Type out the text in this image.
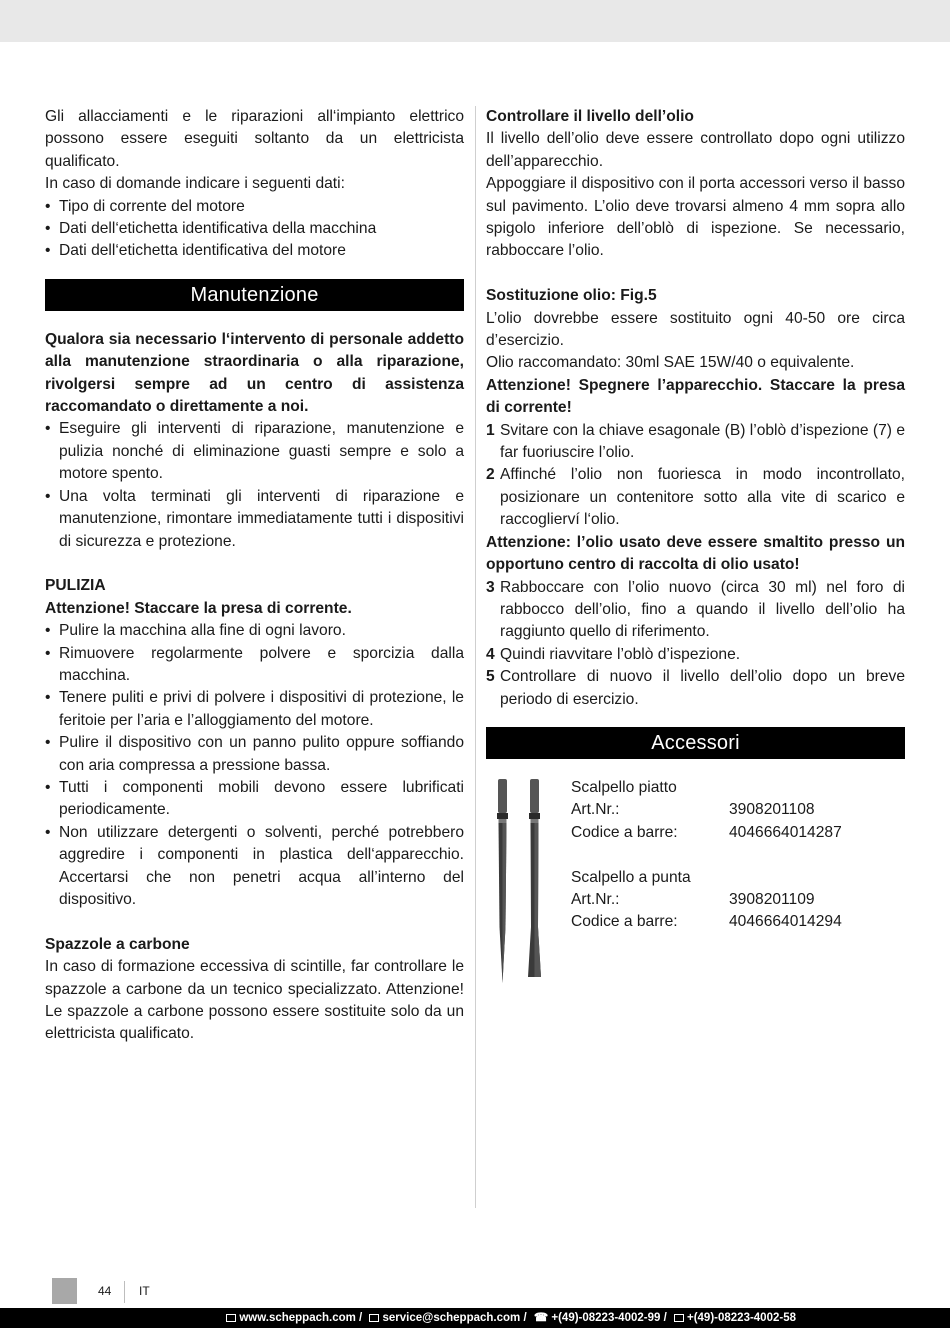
Gli allacciamenti e le riparazioni all‘impianto elettrico possono essere eseguiti soltanto da un elettricista qualificato.

In caso di domande indicare i seguenti dati:

• Tipo di corrente del motore
• Dati dell‘etichetta identificativa della macchina
• Dati dell‘etichetta identificativa del motore
Manutenzione

Qualora sia necessario l‘intervento di personale addetto alla manutenzione straordinaria o alla riparazione, rivolgersi sempre ad un centro di assistenza raccomandato o direttamente a noi.

• Eseguire gli interventi di riparazione, manutenzione e pulizia nonché di eliminazione guasti sempre e solo a motore spento.
• Una volta terminati gli interventi di riparazione e manutenzione, rimontare immediatamente tutti i dispositivi di sicurezza e protezione.

PULIZIA

Attenzione! Staccare la presa di corrente.

• Pulire la macchina alla fine di ogni lavoro.
• Rimuovere regolarmente polvere e sporcizia dalla macchina.
• Tenere puliti e privi di polvere i dispositivi di protezione, le feritoie per l’aria e l’alloggiamento del motore.
• Pulire il dispositivo con un panno pulito oppure soffiando con aria compressa a pressione bassa.
• Tutti i componenti mobili devono essere lubrificati periodicamente.
• Non utilizzare detergenti o solventi, perché potrebbero aggredire i componenti in plastica dell‘apparecchio. Accertarsi che non penetri acqua all’interno del dispositivo.

Spazzole a carbone

In caso di formazione eccessiva di scintille, far controllare le spazzole a carbone da un tecnico specializzato. Attenzione! Le spazzole a carbone possono essere sostituite solo da un elettricista qualificato.

Controllare il livello dell’olio

Il livello dell’olio deve essere controllato dopo ogni utilizzo dell’apparecchio.

Appoggiare il dispositivo con il porta accessori verso il basso sul pavimento. L’olio deve trovarsi almeno 4 mm sopra allo spigolo inferiore dell’oblò di ispezione. Se necessario, rabboccare l’olio.

Sostituzione olio: Fig.5

L’olio dovrebbe essere sostituito ogni 40-50 ore circa d’esercizio.

Olio raccomandato: 30ml SAE 15W/40 o equivalente.

Attenzione! Spegnere l’apparecchio. Staccare la presa di corrente!

1 Svitare con la chiave esagonale (B) l’oblò d’ispezione (7) e far fuoriuscire l’olio.
2 Affinché l’olio non fuoriesca in modo incontrollato, posizionare un contenitore sotto alla vite di scarico e raccoglierví l‘olio.

Attenzione: l’olio usato deve essere smaltito presso un opportuno centro di raccolta di olio usato!

3 Rabboccare con l’olio nuovo (circa 30 ml) nel foro di rabbocco dell’olio, fino a quando il livello dell’olio ha raggiunto quello di riferimento.
4 Quindi riavvitare l’oblò d’ispezione.
5 Controllare di nuovo il livello dell’olio dopo un breve periodo di esercizio.
Accessori
Scalpello piatto
Art.Nr.:	3908201108
Codice a barre:	4046664014287
Scalpello a punta
Art.Nr.:	3908201109
Codice a barre:	4046664014294
44 IT
www.scheppach.com / service@scheppach.com / ☎ +(49)-08223-4002-99 / +(49)-08223-4002-58
